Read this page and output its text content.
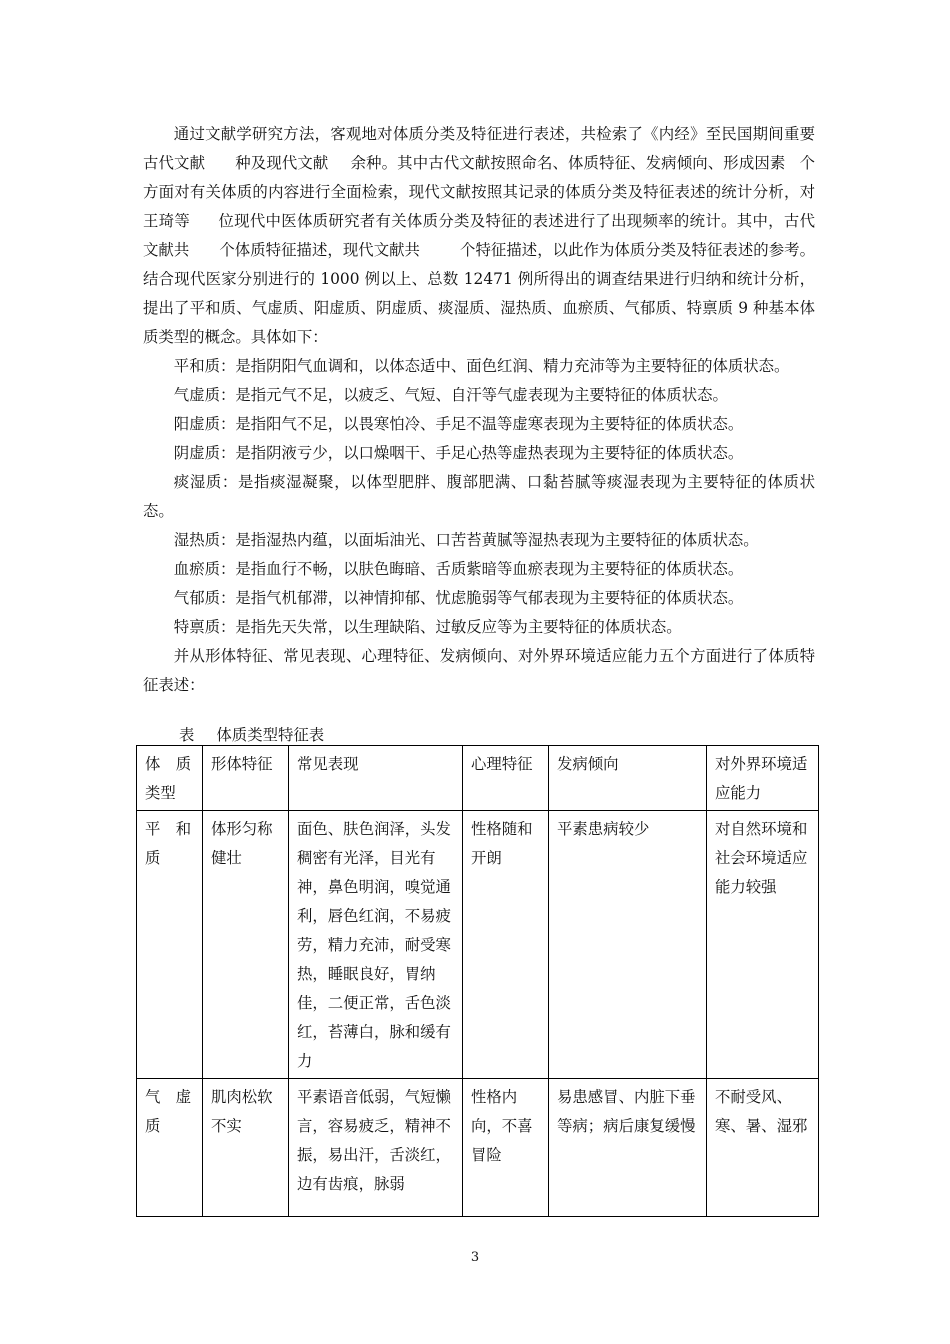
通过文献学研究方法，客观地对体质分类及特征进行表述，共检索了《内经》至民国期间重要古代文献 种及现代文献 余种。其中古代文献按照命名、体质特征、发病倾向、形成因素 个方面对有关体质的内容进行全面检索，现代文献按照其记录的体质分类及特征表述的统计分析，对王琦等 位现代中医体质研究者有关体质分类及特征的表述进行了出现频率的统计。其中，古代文献共 个体质特征描述，现代文献共	个特征描述，以此作为体质分类及特征表述的参考。结合现代医家分别进行的 1000 例以上、总数 12471 例所得出的调查结果进行归纳和统计分析，提出了平和质、气虚质、阳虚质、阴虚质、痰湿质、湿热质、血瘀质、气郁质、特禀质 9 种基本体质类型的概念。具体如下：

平和质：是指阴阳气血调和，以体态适中、面色红润、精力充沛等为主要特征的体质状态。

气虚质：是指元气不足，以疲乏、气短、自汗等气虚表现为主要特征的体质状态。

阳虚质：是指阳气不足，以畏寒怕冷、手足不温等虚寒表现为主要特征的体质状态。

阴虚质：是指阴液亏少，以口燥咽干、手足心热等虚热表现为主要特征的体质状态。

痰湿质：是指痰湿凝聚，以体型肥胖、腹部肥满、口黏苔腻等痰湿表现为主要特征的体质状态。

湿热质：是指湿热内蕴，以面垢油光、口苦苔黄腻等湿热表现为主要特征的体质状态。

血瘀质：是指血行不畅，以肤色晦暗、舌质紫暗等血瘀表现为主要特征的体质状态。

气郁质：是指气机郁滞，以神情抑郁、忧虑脆弱等气郁表现为主要特征的体质状态。

特禀质：是指先天失常，以生理缺陷、过敏反应等为主要特征的体质状态。

并从形体特征、常见表现、心理特征、发病倾向、对外界环境适应能力五个方面进行了体质特征表述：

表 体质类型特征表
体　质类型	形体特征	常见表现	心理特征	发病倾向	对外界环境适应能力
平　和质	体形匀称健壮	面色、肤色润泽，头发稠密有光泽，目光有神，鼻色明润，嗅觉通利，唇色红润，不易疲劳，精力充沛，耐受寒热，睡眠良好，胃纳佳，二便正常，舌色淡红，苔薄白，脉和缓有力	性格随和开朗	平素患病较少	对自然环境和社会环境适应能力较强
气　虚质	肌肉松软不实	平素语音低弱，气短懒言，容易疲乏，精神不振，易出汗，舌淡红，边有齿痕，脉弱	性格内向，不喜冒险	易患感冒、内脏下垂等病；病后康复缓慢	不耐受风、寒、暑、湿邪
3
